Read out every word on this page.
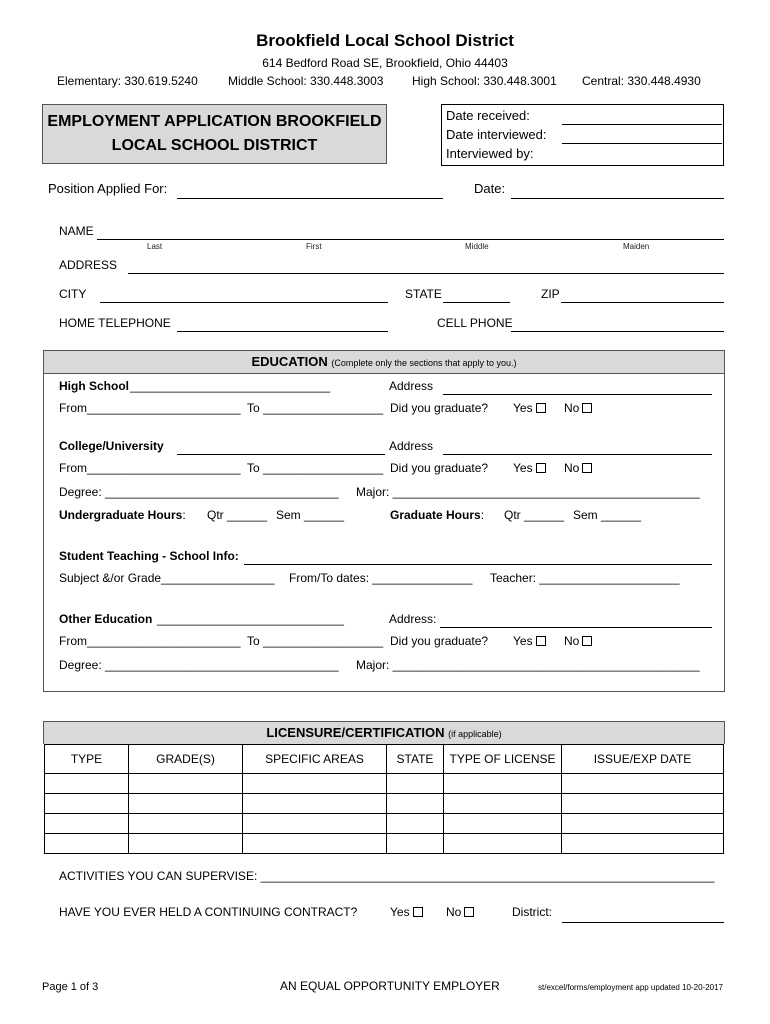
Brookfield Local School District
614 Bedford Road SE, Brookfield, Ohio 44403
Elementary: 330.619.5240	Middle School: 330.448.3003 High School: 330.448.3001 Central: 330.448.4930
EMPLOYMENT APPLICATION BROOKFIELD
LOCAL SCHOOL DISTRICT
Date received:
Date interviewed:
Interviewed by:
Position Applied For:	Date:
NAME
Last	First	Middle	Maiden
ADDRESS
CITY	STATE	ZIP
HOME TELEPHONE	CELL PHONE
EDUCATION (Complete only the sections that apply to you.)
High School ______________________________	Address
From_______________________ To __________________ Did you graduate? Yes	No
College/University	Address
From_______________________ To __________________ Did you graduate? Yes	No
Degree: ___________________________________ Major: ______________________________________________
Undergraduate Hours: Qtr ______ Sem ______	Graduate Hours: Qtr ______ Sem ______
Student Teaching - School Info:
Subject &/or Grade_________________ From/To dates: _______________ Teacher: _____________________
Other Education ____________________________	Address:
From_______________________ To __________________ Did you graduate? Yes	No
Degree: ___________________________________ Major: ______________________________________________
LICENSURE/CERTIFICATION (if applicable)
TYPE	GRADE(S)	SPECIFIC AREAS	STATE	TYPE OF LICENSE	ISSUE/EXP DATE

ACTIVITIES YOU CAN SUPERVISE: ____________________________________________________________________
HAVE YOU EVER HELD A CONTINUING CONTRACT?	Yes	No	District:
Page 1 of 3	AN EQUAL OPPORTUNITY EMPLOYER	st/excel/forms/employment app updated 10-20-2017
